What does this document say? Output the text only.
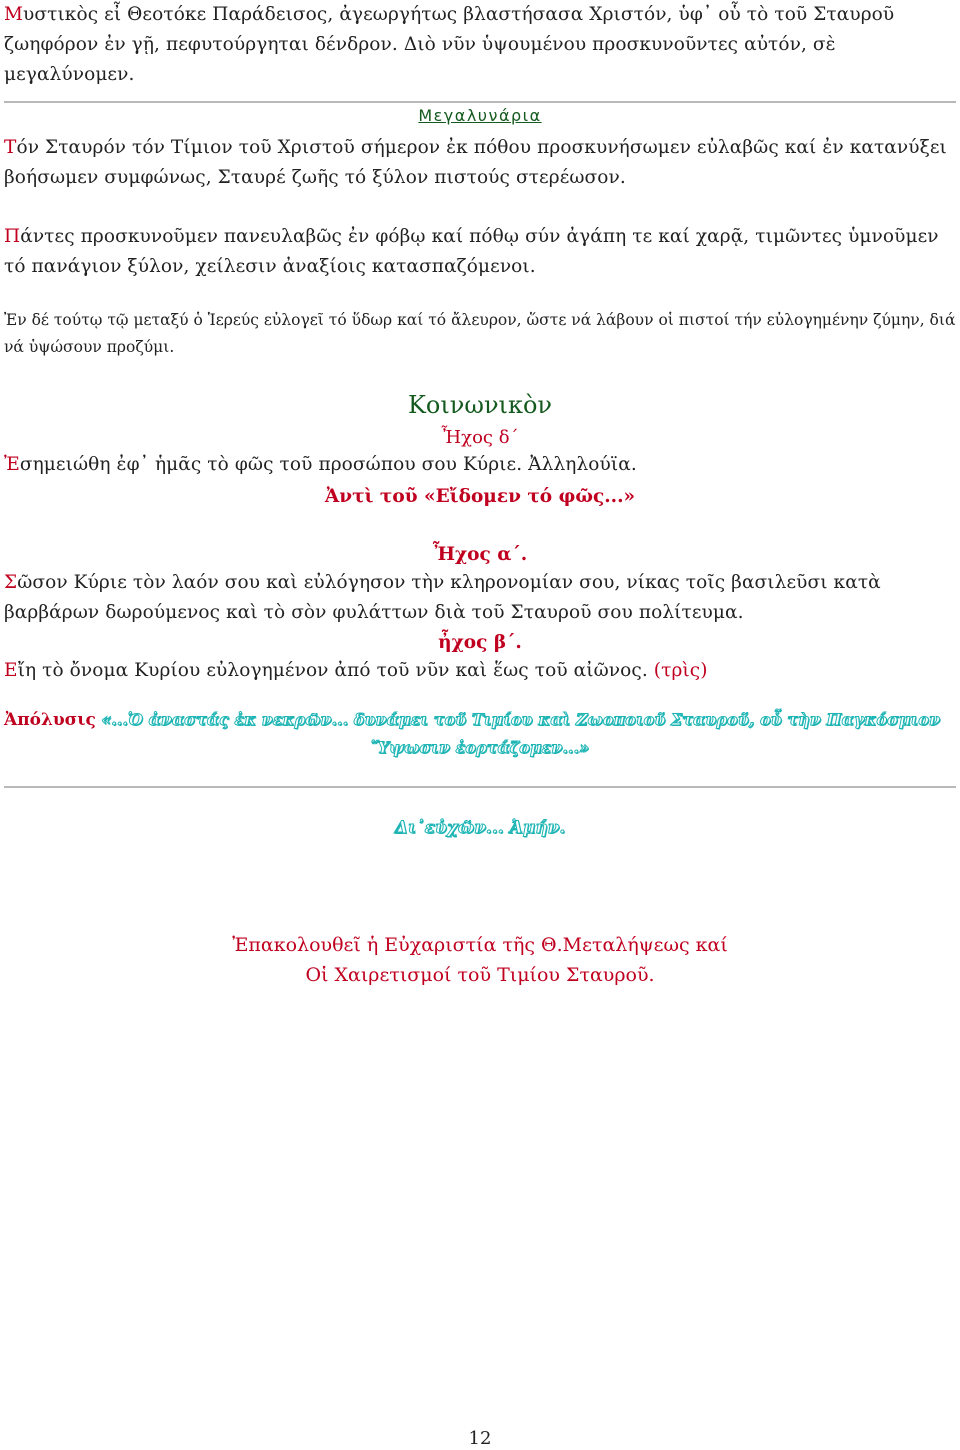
Μυστικὸς εἶ Θεοτόκε Παράδεισος, ἀγεωργήτως βλαστήσασα Χριστόν, ὑφ᾽ οὗ τὸ τοῦ Σταυροῦ ζωηφόρον ἐν γῇ, πεφυτούργηται δένδρον. Διὸ νῦν ὑψουμένου προσκυνοῦντες αὐτόν, σὲ μεγαλύνομεν.

Μεγαλυνάρια

Τόν Σταυρόν τόν Τίμιον τοῦ Χριστοῦ σήμερον ἐκ πόθου προσκυνήσωμεν εὐλαβῶς καί ἐν κατανύξει βοήσωμεν συμφώνως, Σταυρέ ζωῆς τό ξύλον πιστούς στερέωσον.

Πάντες προσκυνοῦμεν πανευλαβῶς ἐν φόβῳ καί πόθῳ σύν ἀγάπη τε καί χαρᾷ, τιμῶντες ὑμνοῦμεν τό πανάγιον ξύλον, χείλεσιν ἀναξίοις κατασπαζόμενοι.

Ἐν δέ τούτῳ τῷ μεταξύ ὁ Ἱερεύς εὐλογεῖ τό ὕδωρ καί τό ἄλευρον, ὥστε νά λάβουν οἱ πιστοί τήν εὐλογημένην ζύμην, διά νά ὑψώσουν προζύμι.

Κοινωνικὸν
Ἦχος δ΄

Ἐσημειώθη ἐφ᾽ ἡμᾶς τὸ φῶς τοῦ προσώπου σου Κύριε. Ἀλληλούϊα.

Ἀντὶ τοῦ «Εἴδομεν τό φῶς...»
Ἦχος α΄.

Σῶσον Κύριε τὸν λαόν σου καὶ εὐλόγησον τὴν κληρονομίαν σου, νίκας τοῖς βασιλεῦσι κατὰ βαρβάρων δωρούμενος καὶ τὸ σὸν φυλάττων διὰ τοῦ Σταυροῦ σου πολίτευμα.

ἦχος β΄.

Εἴη τὸ ὄνομα Κυρίου εὐλογημένον ἀπό τοῦ νῦν καὶ ἕως τοῦ αἰῶνος. (τρὶς)

Ἀπόλυσις «...Ὁ ἀναστάς ἐκ νεκρῶν... δυνάμει τοῦ Τιμίου καὶ Ζωοποιοῦ Σταυροῦ, οὗ τὴν Παγκόσμιον
Ὕψωσιν ἑορτάζομεν...»
Δι᾽εὐχῶν... Ἀμήν.
Ἐπακολουθεῖ ἡ Εὐχαριστία τῆς Θ.Μεταλήψεως καί
Οἱ Χαιρετισμοί τοῦ Τιμίου Σταυροῦ.
12
